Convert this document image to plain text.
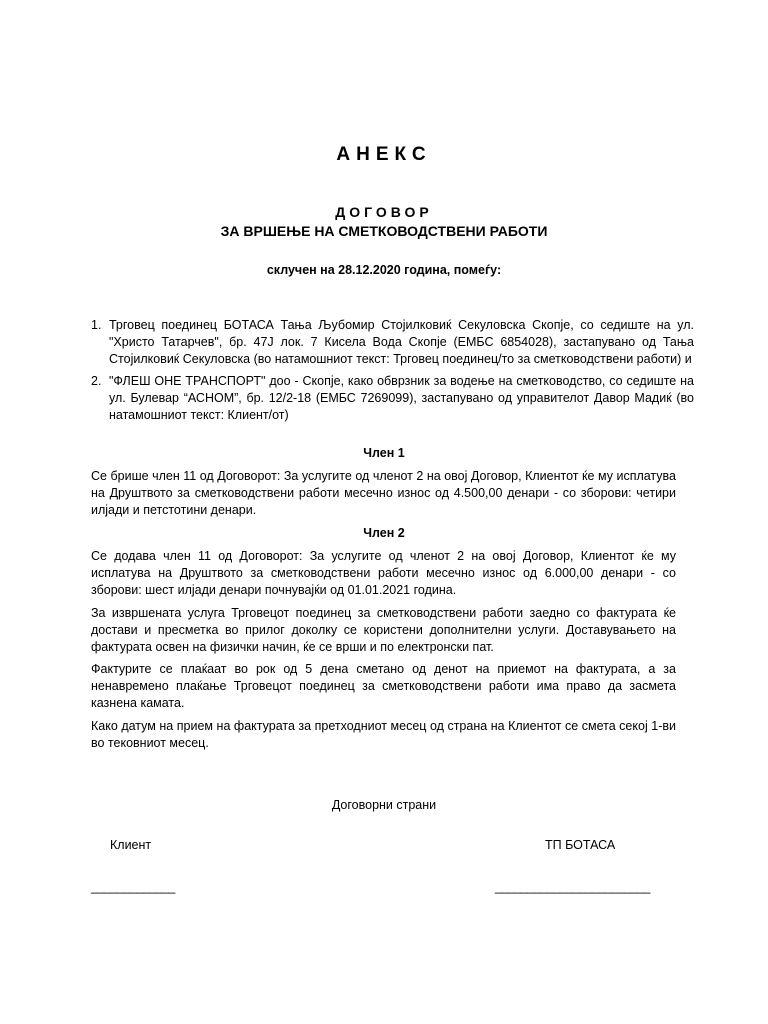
АНЕКС
ДОГОВОР
ЗА ВРШЕЊЕ НА СМЕТКОВОДСТВЕНИ РАБОТИ
склучен на 28.12.2020 година, помеѓу:
1. Трговец поединец БОТАСА Тања Љубомир Стојилковиќ Секуловска Скопје, со седиште на ул. "Христо Татарчев", бр. 47Ј лок. 7 Кисела Вода Скопје (ЕМБС 6854028), застапувано од Тања Стојилковиќ Секуловска (во натамошниот текст: Трговец поединец/то за сметководствени работи) и
2. "ФЛЕШ ОНЕ ТРАНСПОРТ" доо - Скопје, како обврзник за водење на сметководство, со седиште на ул. Булевар “АСНОМ”, бр. 12/2-18 (ЕМБС 7269099), застапувано од управителот Давор Мадиќ (во натамошниот текст: Клиент/от)
Член 1

Се брише член 11 од Договорот: За услугите од членот 2 на овој Договор, Клиентот ќе му исплатува на Друштвото за сметководствени работи месечно износ од 4.500,00 денари - со зборови: четири илјади и петстотини денари.

Член 2

Се додава член 11 од Договорот: За услугите од членот 2 на овој Договор, Клиентот ќе му исплатува на Друштвото за сметководствени работи месечно износ од 6.000,00 денари - со зборови: шест илјади денари почнувајќи од 01.01.2021 година.

За извршената услуга Трговецот поединец за сметководствени работи заедно со фактурата ќе достави и пресметка во прилог доколку се користени дополнителни услуги. Доставувањето на фактурата освен на физички начин, ќе се врши и по електронски пат.

Фактурите се плаќаат во рок од 5 дена сметано од денот на приемот на фактурата, а за ненавремено плаќање Трговецот поединец за сметководствени работи има право да засмета казнена камата.

Како датум на прием на фактурата за претходниот месец од страна на Клиентот се смета секој 1-ви во тековниот месец.

Договорни страни
Клиент	ТП БОТАСА
_____________	________________________
